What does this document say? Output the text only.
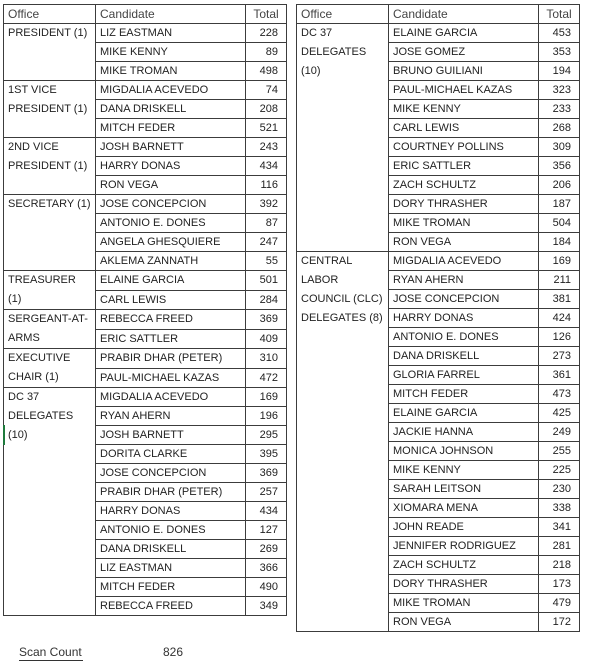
Office	Candidate	Total
PRESIDENT (1)	LIZ EASTMAN	228
	MIKE KENNY	89
	MIKE TROMAN	498
1ST VICE PRESIDENT (1)	MIGDALIA ACEVEDO	74
	DANA DRISKELL	208
	MITCH FEDER	521
2ND VICE PRESIDENT (1)	JOSH BARNETT	243
	HARRY DONAS	434
	RON VEGA	116
SECRETARY (1)	JOSE CONCEPCION	392
	ANTONIO E. DONES	87
	ANGELA GHESQUIERE	247
	AKLEMA ZANNATH	55
TREASURER (1)	ELAINE GARCIA	501
	CARL LEWIS	284
SERGEANT-AT-ARMS	REBECCA FREED	369
	ERIC SATTLER	409
EXECUTIVE CHAIR (1)	PRABIR DHAR (PETER)	310
	PAUL-MICHAEL KAZAS	472
DC 37 DELEGATES (10)	MIGDALIA ACEVEDO	169
	RYAN AHERN	196
	JOSH BARNETT	295
	DORITA CLARKE	395
	JOSE CONCEPCION	369
	PRABIR DHAR (PETER)	257
	HARRY DONAS	434
	ANTONIO E. DONES	127
	DANA DRISKELL	269
	LIZ EASTMAN	366
	MITCH FEDER	490
	REBECCA FREED	349
Office	Candidate	Total
DC 37 DELEGATES (10)	ELAINE GARCIA	453
	JOSE GOMEZ	353
	BRUNO GUILIANI	194
	PAUL-MICHAEL KAZAS	323
	MIKE KENNY	233
	CARL LEWIS	268
	COURTNEY POLLINS	309
	ERIC SATTLER	356
	ZACH SCHULTZ	206
	DORY THRASHER	187
	MIKE TROMAN	504
	RON VEGA	184
CENTRAL LABOR COUNCIL (CLC) DELEGATES (8)	MIGDALIA ACEVEDO	169
	RYAN AHERN	211
	JOSE CONCEPCION	381
	HARRY DONAS	424
	ANTONIO E. DONES	126
	DANA DRISKELL	273
	GLORIA FARREL	361
	MITCH FEDER	473
	ELAINE GARCIA	425
	JACKIE HANNA	249
	MONICA JOHNSON	255
	MIKE KENNY	225
	SARAH LEITSON	230
	XIOMARA MENA	338
	JOHN READE	341
	JENNIFER RODRIGUEZ	281
	ZACH SCHULTZ	218
	DORY THRASHER	173
	MIKE TROMAN	479
	RON VEGA	172
Scan Count	826
